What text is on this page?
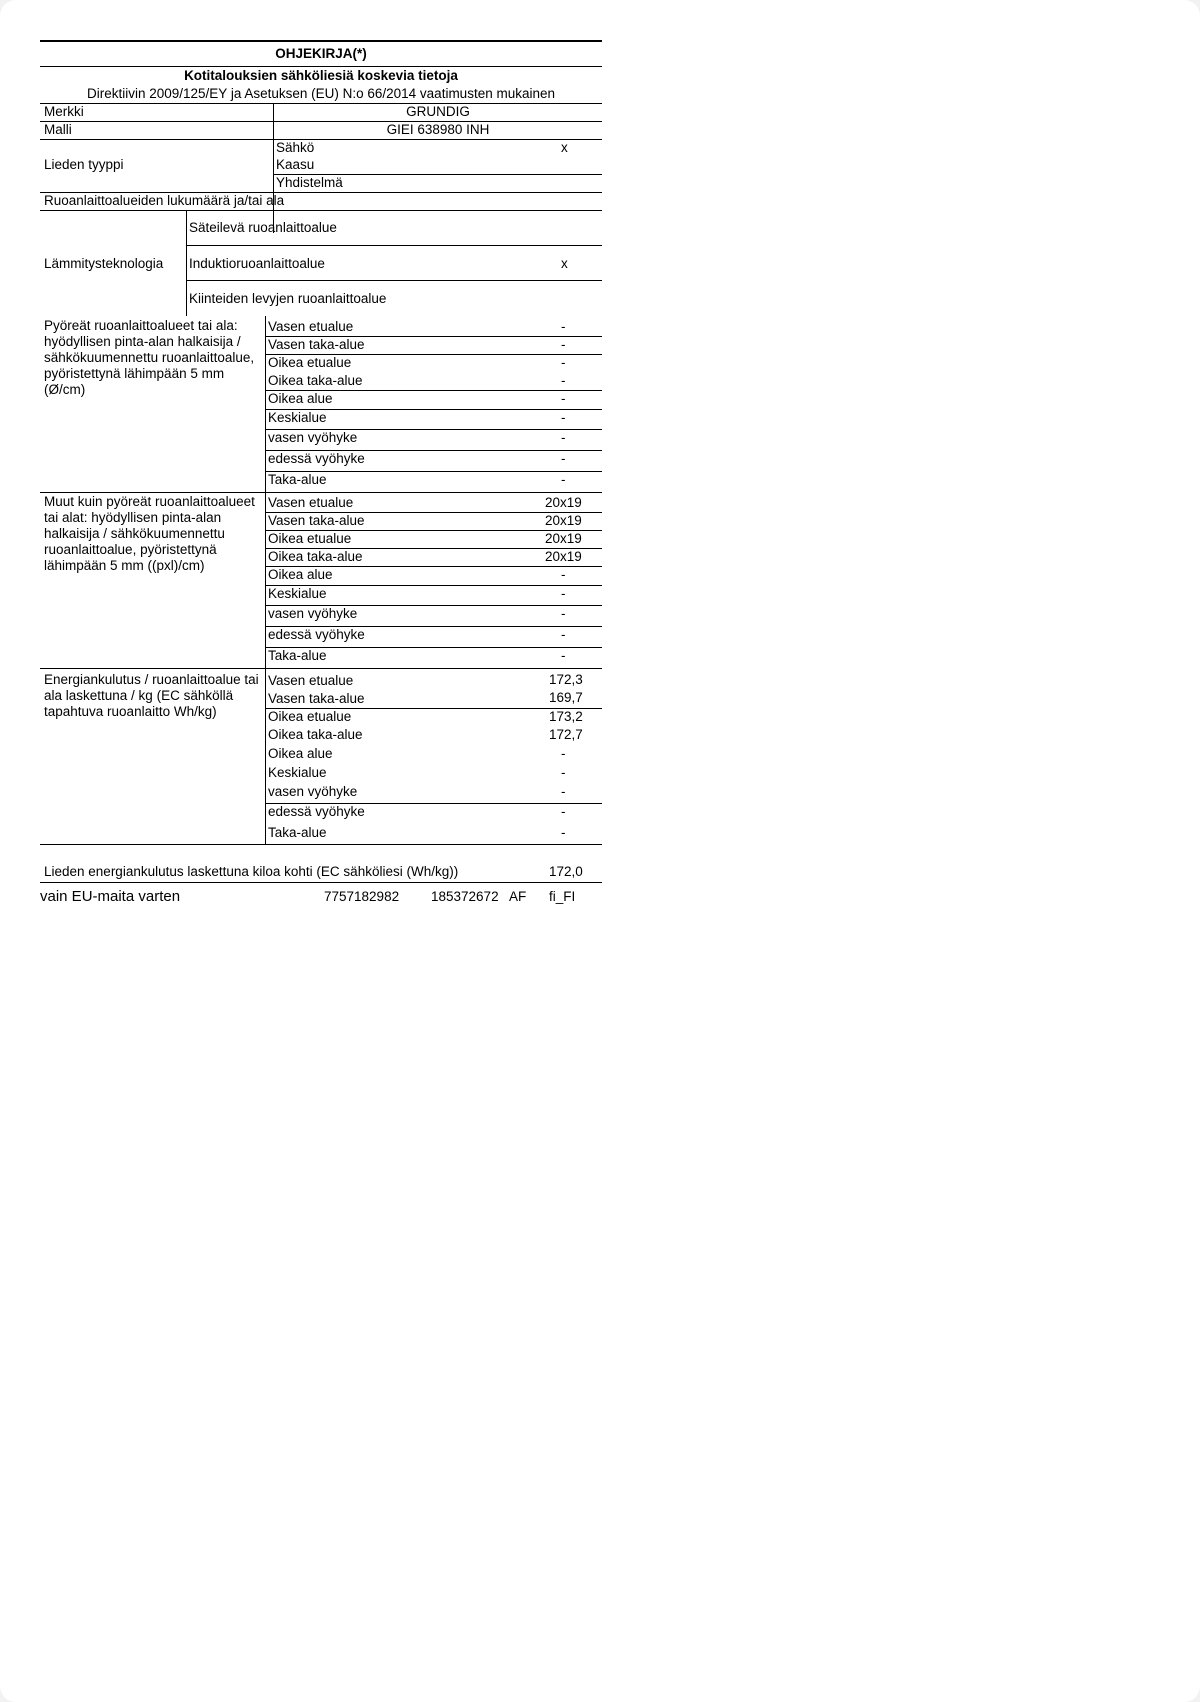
OHJEKIRJA(*)
Kotitalouksien sähköliesiä koskevia tietoja
Direktiivin 2009/125/EY ja Asetuksen (EU) N:o 66/2014 vaatimusten mukainen
Merkki	GRUNDIG
Malli	GIEI 638980 INH
Lieden tyyppi
Sähkö	x
Kaasu
Yhdistelmä
Ruoanlaittoalueiden lukumäärä ja/tai ala
Lämmitysteknologia
Säteilevä ruoanlaittoalue
Induktioruoanlaittoalue	x
Kiinteiden levyjen ruoanlaittoalue
Pyöreät ruoanlaittoalueet tai ala: hyödyllisen pinta-alan halkaisija / sähkökuumennettu ruoanlaittoalue, pyöristettynä lähimpään 5 mm (Ø/cm)
Vasen etualue	-
Vasen taka-alue	-
Oikea etualue	-
Oikea taka-alue	-
Oikea alue	-
Keskialue	-
vasen vyöhyke	-
edessä vyöhyke	-
Taka-alue	-
Muut kuin pyöreät ruoanlaittoalueet tai alat: hyödyllisen pinta-alan halkaisija / sähkökuumennettu ruoanlaittoalue, pyöristettynä lähimpään 5 mm ((pxl)/cm)
Vasen etualue	20x19
Vasen taka-alue	20x19
Oikea etualue	20x19
Oikea taka-alue	20x19
Oikea alue	-
Keskialue	-
vasen vyöhyke	-
edessä vyöhyke	-
Taka-alue	-
Energiankulutus / ruoanlaittoalue tai ala laskettuna / kg (EC sähköllä tapahtuva ruoanlaitto Wh/kg)
Vasen etualue	172,3
Vasen taka-alue	169,7
Oikea etualue	173,2
Oikea taka-alue	172,7
Oikea alue	-
Keskialue	-
vasen vyöhyke	-
edessä vyöhyke	-
Taka-alue	-
Lieden energiankulutus laskettuna kiloa kohti (EC sähköliesi (Wh/kg))	172,0
vain EU-maita varten	7757182982 185372672 AF fi_FI
